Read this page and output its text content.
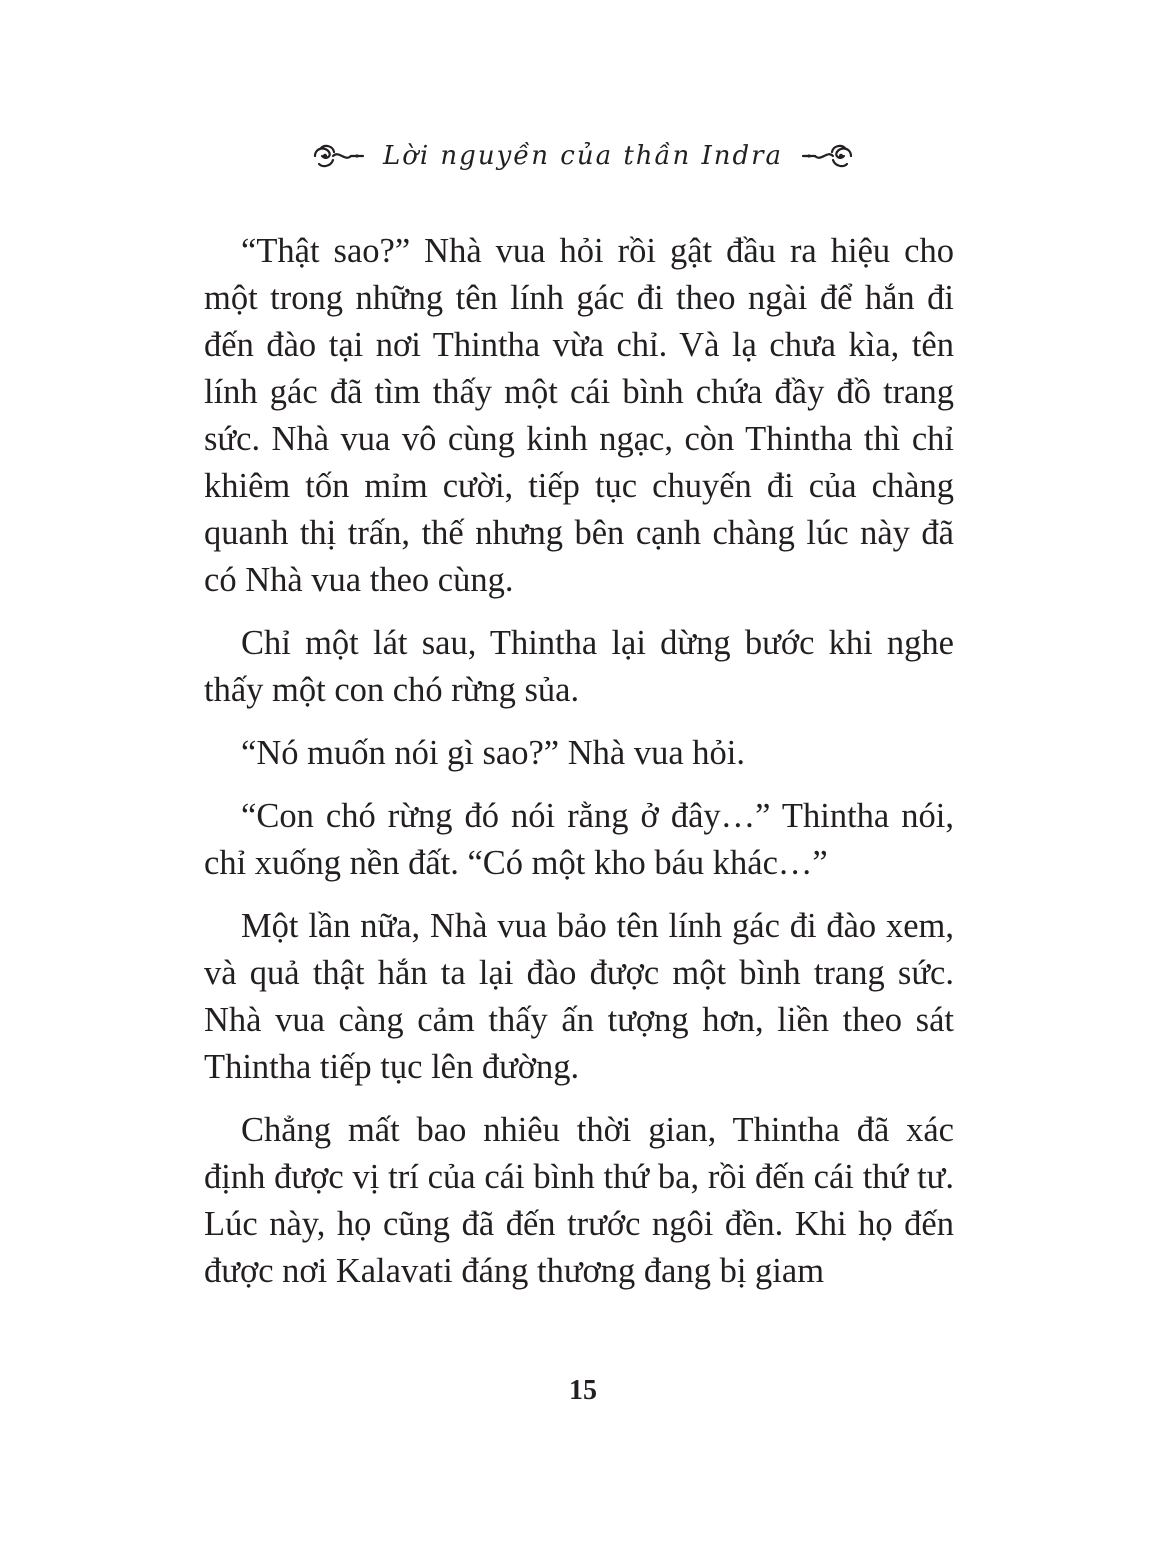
Lời nguyền của thần Indra

“Thật sao?” Nhà vua hỏi rồi gật đầu ra hiệu cho một trong những tên lính gác đi theo ngài để hắn đi đến đào tại nơi Thintha vừa chỉ. Và lạ chưa kìa, tên lính gác đã tìm thấy một cái bình chứa đầy đồ trang sức. Nhà vua vô cùng kinh ngạc, còn Thintha thì chỉ khiêm tốn mỉm cười, tiếp tục chuyến đi của chàng quanh thị trấn, thế nhưng bên cạnh chàng lúc này đã có Nhà vua theo cùng.

Chỉ một lát sau, Thintha lại dừng bước khi nghe thấy một con chó rừng sủa.

“Nó muốn nói gì sao?” Nhà vua hỏi.

“Con chó rừng đó nói rằng ở đây…” Thintha nói, chỉ xuống nền đất. “Có một kho báu khác…”

Một lần nữa, Nhà vua bảo tên lính gác đi đào xem, và quả thật hắn ta lại đào được một bình trang sức. Nhà vua càng cảm thấy ấn tượng hơn, liền theo sát Thintha tiếp tục lên đường.

Chẳng mất bao nhiêu thời gian, Thintha đã xác định được vị trí của cái bình thứ ba, rồi đến cái thứ tư. Lúc này, họ cũng đã đến trước ngôi đền. Khi họ đến được nơi Kalavati đáng thương đang bị giam

15
